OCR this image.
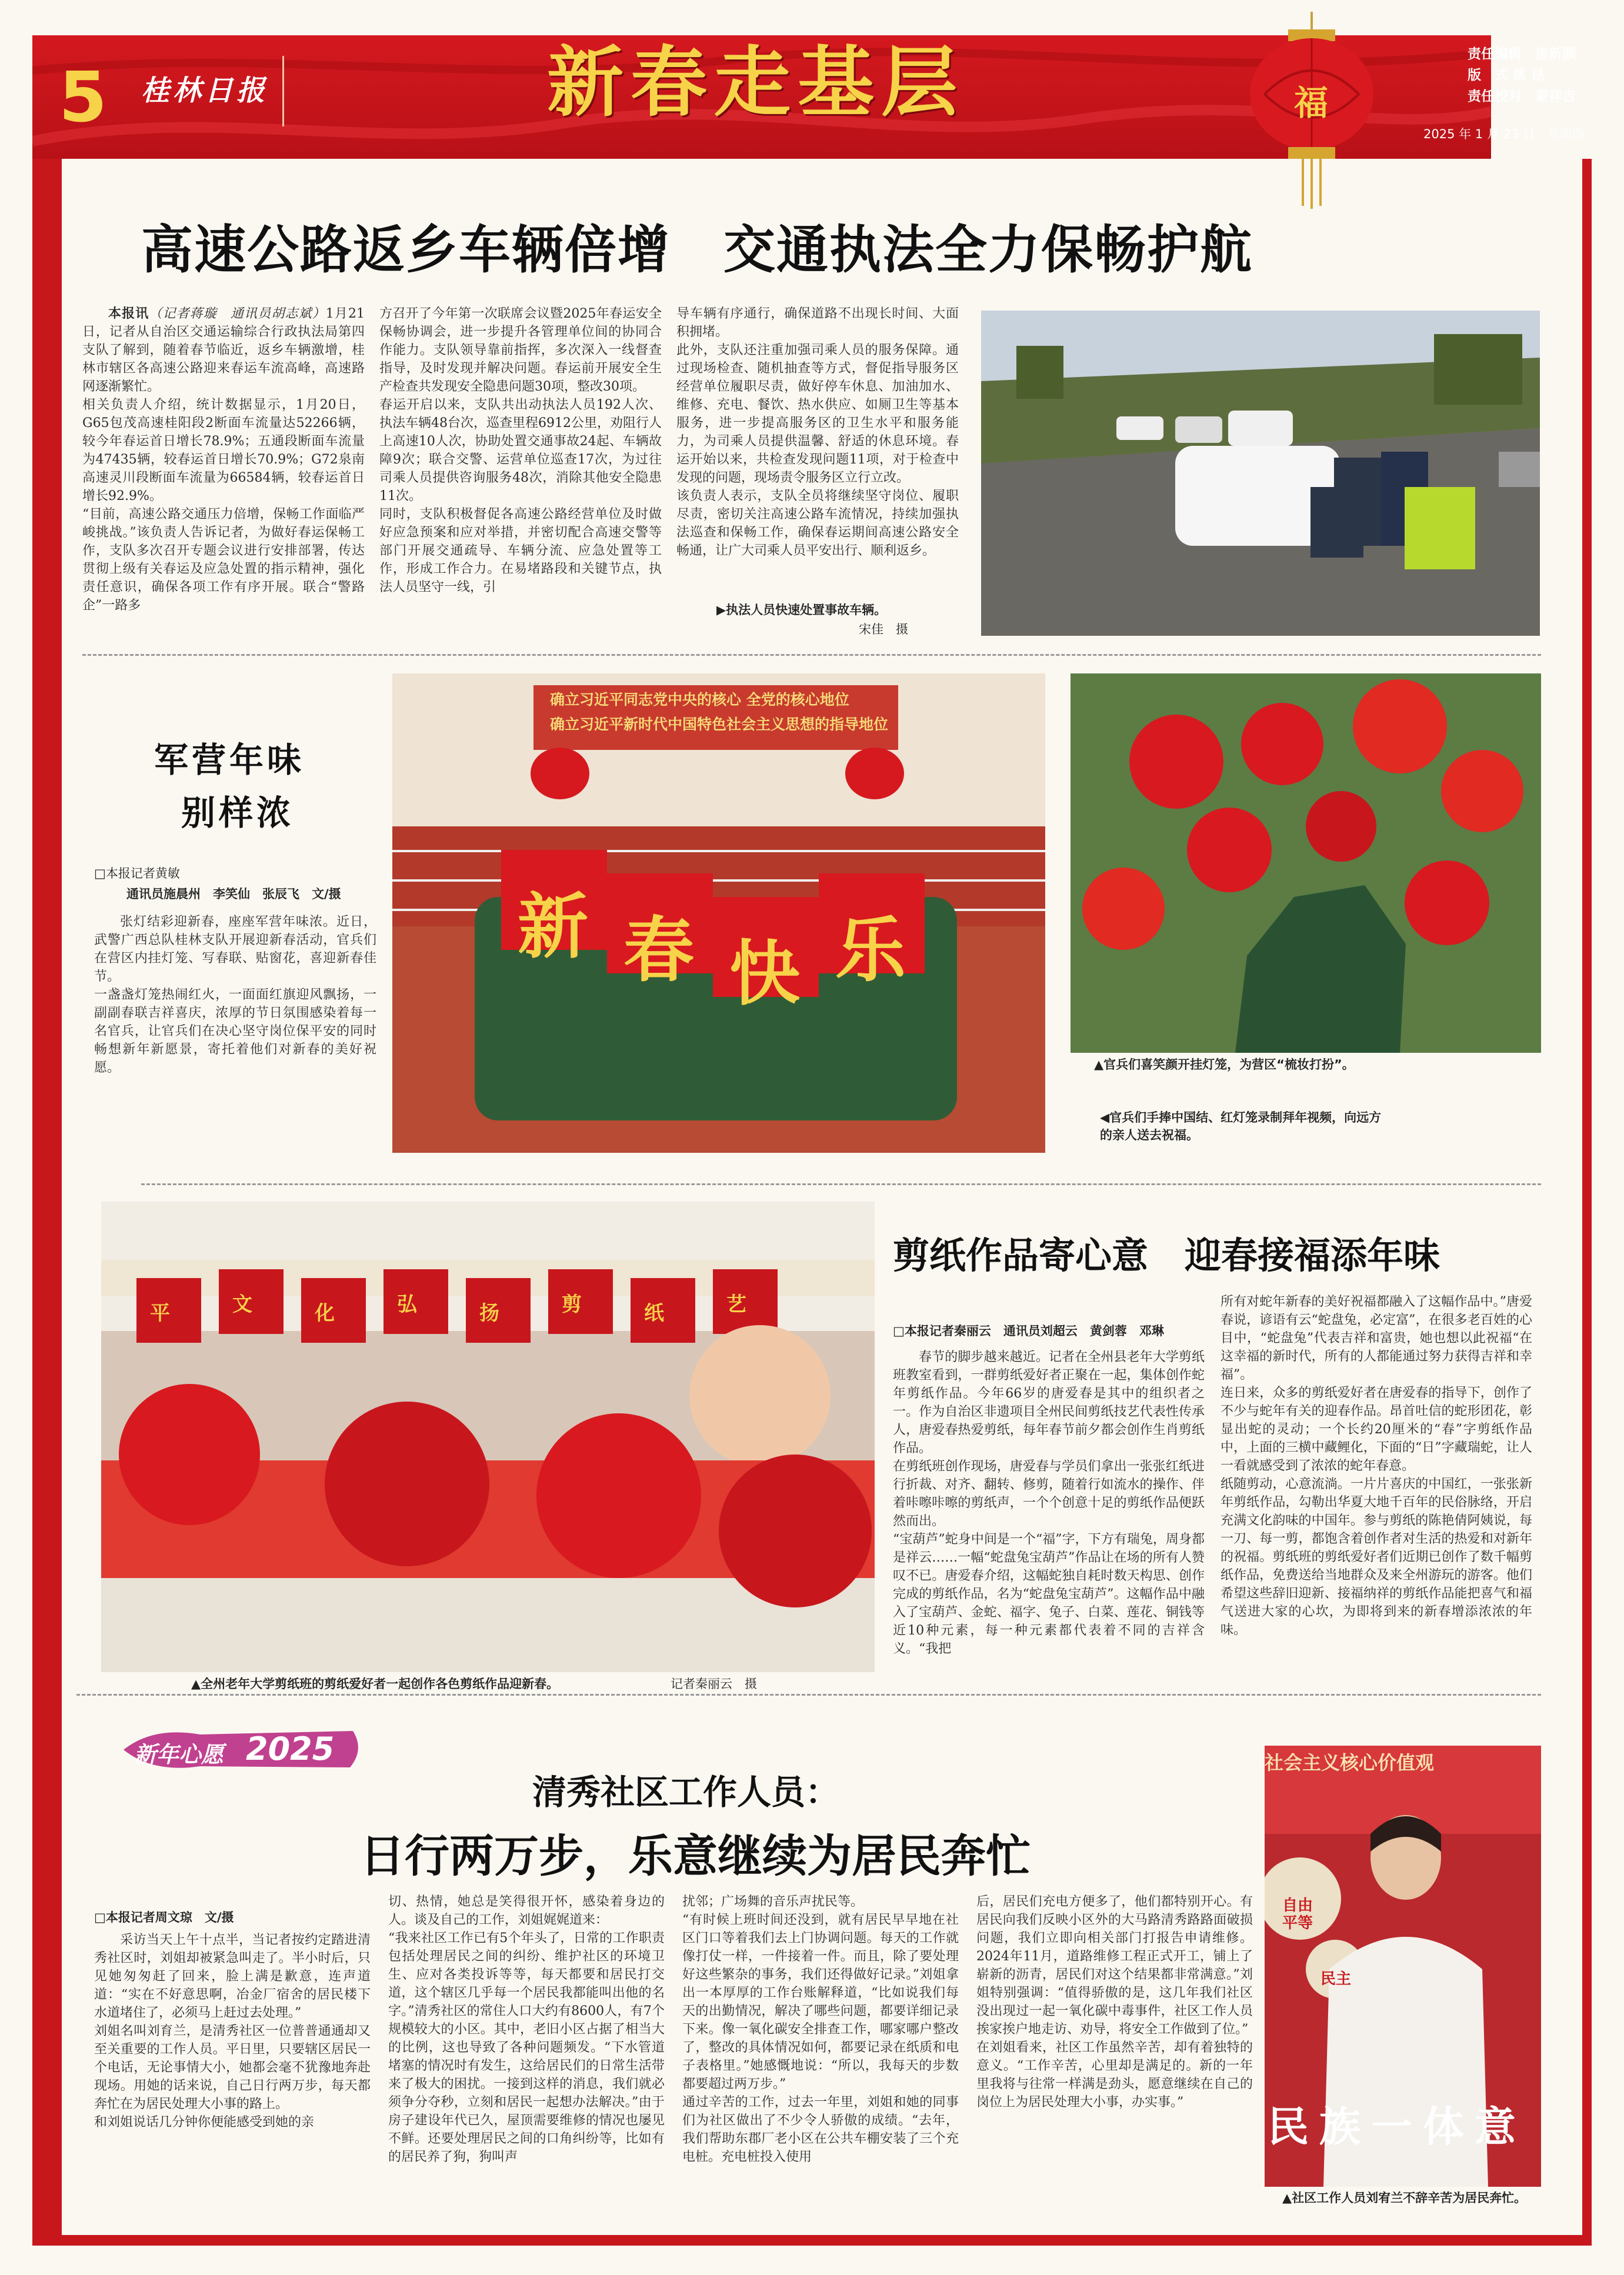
5 桂林日报	新春走基层	福
责任编辑　唐新颜
版　式 姚 昆
责任校对　蒙祥吉
2025 年 1 月 23 日　星期四
高速公路返乡车辆倍增　交通执法全力保畅护航
本报讯（记者蒋璇　通讯员胡志斌）1月21日，记者从自治区交通运输综合行政执法局第四支队了解到，随着春节临近，返乡车辆激增，桂林市辖区各高速公路迎来春运车流高峰，高速路网逐渐繁忙。
相关负责人介绍，统计数据显示，1月20日，G65包茂高速桂阳段2断面车流量达52266辆，较今年春运首日增长78.9%；五通段断面车流量为47435辆，较春运首日增长70.9%；G72泉南高速灵川段断面车流量为66584辆，较春运首日增长92.9%。
“目前，高速公路交通压力倍增，保畅工作面临严峻挑战。”该负责人告诉记者，为做好春运保畅工作，支队多次召开专题会议进行安排部署，传达贯彻上级有关春运及应急处置的指示精神，强化责任意识，确保各项工作有序开展。联合“警路企”一路多
方召开了今年第一次联席会议暨2025年春运安全保畅协调会，进一步提升各管理单位间的协同合作能力。支队领导靠前指挥，多次深入一线督查指导，及时发现并解决问题。春运前开展安全生产检查共发现安全隐患问题30项，整改30项。
春运开启以来，支队共出动执法人员192人次、执法车辆48台次，巡查里程6912公里，劝阻行人上高速10人次，协助处置交通事故24起、车辆故障9次；联合交警、运营单位巡查17次，为过往司乘人员提供咨询服务48次，消除其他安全隐患11次。
同时，支队积极督促各高速公路经营单位及时做好应急预案和应对举措，并密切配合高速交警等部门开展交通疏导、车辆分流、应急处置等工作，形成工作合力。在易堵路段和关键节点，执法人员坚守一线，引
导车辆有序通行，确保道路不出现长时间、大面积拥堵。
此外，支队还注重加强司乘人员的服务保障。通过现场检查、随机抽查等方式，督促指导服务区经营单位履职尽责，做好停车休息、加油加水、维修、充电、餐饮、热水供应、如厕卫生等基本服务，进一步提高服务区的卫生水平和服务能力，为司乘人员提供温馨、舒适的休息环境。春运开始以来，共检查发现问题11项，对于检查中发现的问题，现场责令服务区立行立改。
该负责人表示，支队全员将继续坚守岗位、履职尽责，密切关注高速公路车流情况，持续加强执法巡查和保畅工作，确保春运期间高速公路安全畅通，让广大司乘人员平安出行、顺利返乡。
▶执法人员快速处置事故车辆。
宋佳　摄
军营年味
别样浓
□本报记者黄敏
通讯员施晨州　李笑仙　张辰飞　文/摄
张灯结彩迎新春，座座军营年味浓。近日，武警广西总队桂林支队开展迎新春活动，官兵们在营区内挂灯笼、写春联、贴窗花，喜迎新春佳节。
一盏盏灯笼热闹红火，一面面红旗迎风飘扬，一副副春联吉祥喜庆，浓厚的节日氛围感染着每一名官兵，让官兵们在决心坚守岗位保平安的同时畅想新年新愿景，寄托着他们对新春的美好祝愿。
确立习近平同志党中央的核心 全党的核心地位
确立习近平新时代中国特色社会主义思想的指导地位
新 春 快 乐
▲官兵们喜笑颜开挂灯笼，为营区“梳妆打扮”。
◀官兵们手捧中国结、红灯笼录制拜年视频，向远方的亲人送去祝福。
平	文	化	弘	扬	剪	纸	艺
▲全州老年大学剪纸班的剪纸爱好者一起创作各色剪纸作品迎新春。	记者秦丽云　摄
剪纸作品寄心意　迎春接福添年味
□本报记者秦丽云　通讯员刘超云　黄剑蓉　邓琳
春节的脚步越来越近。记者在全州县老年大学剪纸班教室看到，一群剪纸爱好者正聚在一起，集体创作蛇年剪纸作品。今年66岁的唐爱春是其中的组织者之一。作为自治区非遗项目全州民间剪纸技艺代表性传承人，唐爱春热爱剪纸，每年春节前夕都会创作生肖剪纸作品。
在剪纸班创作现场，唐爱春与学员们拿出一张张红纸进行折裁、对齐、翻转、修剪，随着行如流水的操作、伴着咔嚓咔嚓的剪纸声，一个个创意十足的剪纸作品便跃然而出。
“宝葫芦”蛇身中间是一个“福”字，下方有瑞兔，周身都是祥云……一幅“蛇盘兔宝葫芦”作品让在场的所有人赞叹不已。唐爱春介绍，这幅蛇独自耗时数天构思、创作完成的剪纸作品，名为“蛇盘兔宝葫芦”。这幅作品中融入了宝葫芦、金蛇、福字、兔子、白菜、莲花、铜钱等近10种元素，每一种元素都代表着不同的吉祥含义。“我把
所有对蛇年新春的美好祝福都融入了这幅作品中。”唐爱春说，谚语有云“蛇盘兔，必定富”，在很多老百姓的心目中，“蛇盘兔”代表吉祥和富贵，她也想以此祝福“在这幸福的新时代，所有的人都能通过努力获得吉祥和幸福”。
连日来，众多的剪纸爱好者在唐爱春的指导下，创作了不少与蛇年有关的迎春作品。昂首吐信的蛇形团花，彰显出蛇的灵动；一个长约20厘米的“春”字剪纸作品中，上面的三横中藏鲤化，下面的“日”字藏瑞蛇，让人一看就感受到了浓浓的蛇年春意。
纸随剪动，心意流淌。一片片喜庆的中国红，一张张新年剪纸作品，勾勒出华夏大地千百年的民俗脉络，开启充满文化韵味的中国年。参与剪纸的陈艳倩阿姨说，每一刀、每一剪，都饱含着创作者对生活的热爱和对新年的祝福。剪纸班的剪纸爱好者们近期已创作了数千幅剪纸作品，免费送给当地群众及来全州游玩的游客。他们希望这些辞旧迎新、接福纳祥的剪纸作品能把喜气和福气送进大家的心坎，为即将到来的新春增添浓浓的年味。
新年心愿 2025
清秀社区工作人员：
日行两万步，乐意继续为居民奔忙
□本报记者周文琼　文/摄
采访当天上午十点半，当记者按约定踏进清秀社区时，刘姐却被紧急叫走了。半小时后，只见她匆匆赶了回来，脸上满是歉意，连声道道：“实在不好意思啊，冶金厂宿舍的居民楼下水道堵住了，必须马上赶过去处理。”
刘姐名叫刘育兰，是清秀社区一位普普通通却又至关重要的工作人员。平日里，只要辖区居民一个电话，无论事情大小，她都会毫不犹豫地奔赴现场。用她的话来说，自己日行两万步，每天都奔忙在为居民处理大小事的路上。
和刘姐说话几分钟你便能感受到她的亲
切、热情，她总是笑得很开怀，感染着身边的人。谈及自己的工作，刘姐娓娓道来：
“我来社区工作已有5个年头了，日常的工作职责包括处理居民之间的纠纷、维护社区的环境卫生、应对各类投诉等等，每天都要和居民打交道，这个辖区几乎每一个居民我都能叫出他的名字。”清秀社区的常住人口大约有8600人，有7个规模较大的小区。其中，老旧小区占据了相当大的比例，这也导致了各种问题频发。“下水管道堵塞的情况时有发生，这给居民们的日常生活带来了极大的困扰。一接到这样的消息，我们就必须争分夺秒，立刻和居民一起想办法解决。”由于房子建设年代已久，屋顶需要维修的情况也屡见不鲜。还要处理居民之间的口角纠纷等，比如有的居民养了狗，狗叫声
扰邻；广场舞的音乐声扰民等。
“有时候上班时间还没到，就有居民早早地在社区门口等着我们去上门协调问题。每天的工作就像打仗一样，一件接着一件。而且，除了要处理好这些繁杂的事务，我们还得做好记录。”刘姐拿出一本厚厚的工作台账解释道，“比如说我们每天的出勤情况，解决了哪些问题，都要详细记录下来。像一氧化碳安全排查工作，哪家哪户整改了，整改的具体情况如何，都要记录在纸质和电子表格里。”她感慨地说：“所以，我每天的步数都要超过两万步。”
通过辛苦的工作，过去一年里，刘姐和她的同事们为社区做出了不少令人骄傲的成绩。“去年，我们帮助东郡厂老小区在公共车棚安装了三个充电桩。充电桩投入使用
后，居民们充电方便多了，他们都特别开心。有居民向我们反映小区外的大马路清秀路路面破损问题，我们立即向相关部门打报告申请维修。2024年11月，道路维修工程正式开工，铺上了崭新的沥青，居民们对这个结果都非常满意。”刘姐特别强调：“值得骄傲的是，这几年我们社区没出现过一起一氧化碳中毒事件，社区工作人员挨家挨户地走访、劝导，将安全工作做到了位。”
在刘姐看来，社区工作虽然辛苦，却有着独特的意义。“工作辛苦，心里却是满足的。新的一年里我将与往常一样满是劲头，愿意继续在自己的岗位上为居民处理大小事，办实事。”
社会主义核心价值观
自由平等
民主
民族一体意
▲社区工作人员刘宥兰不辞辛苦为居民奔忙。
